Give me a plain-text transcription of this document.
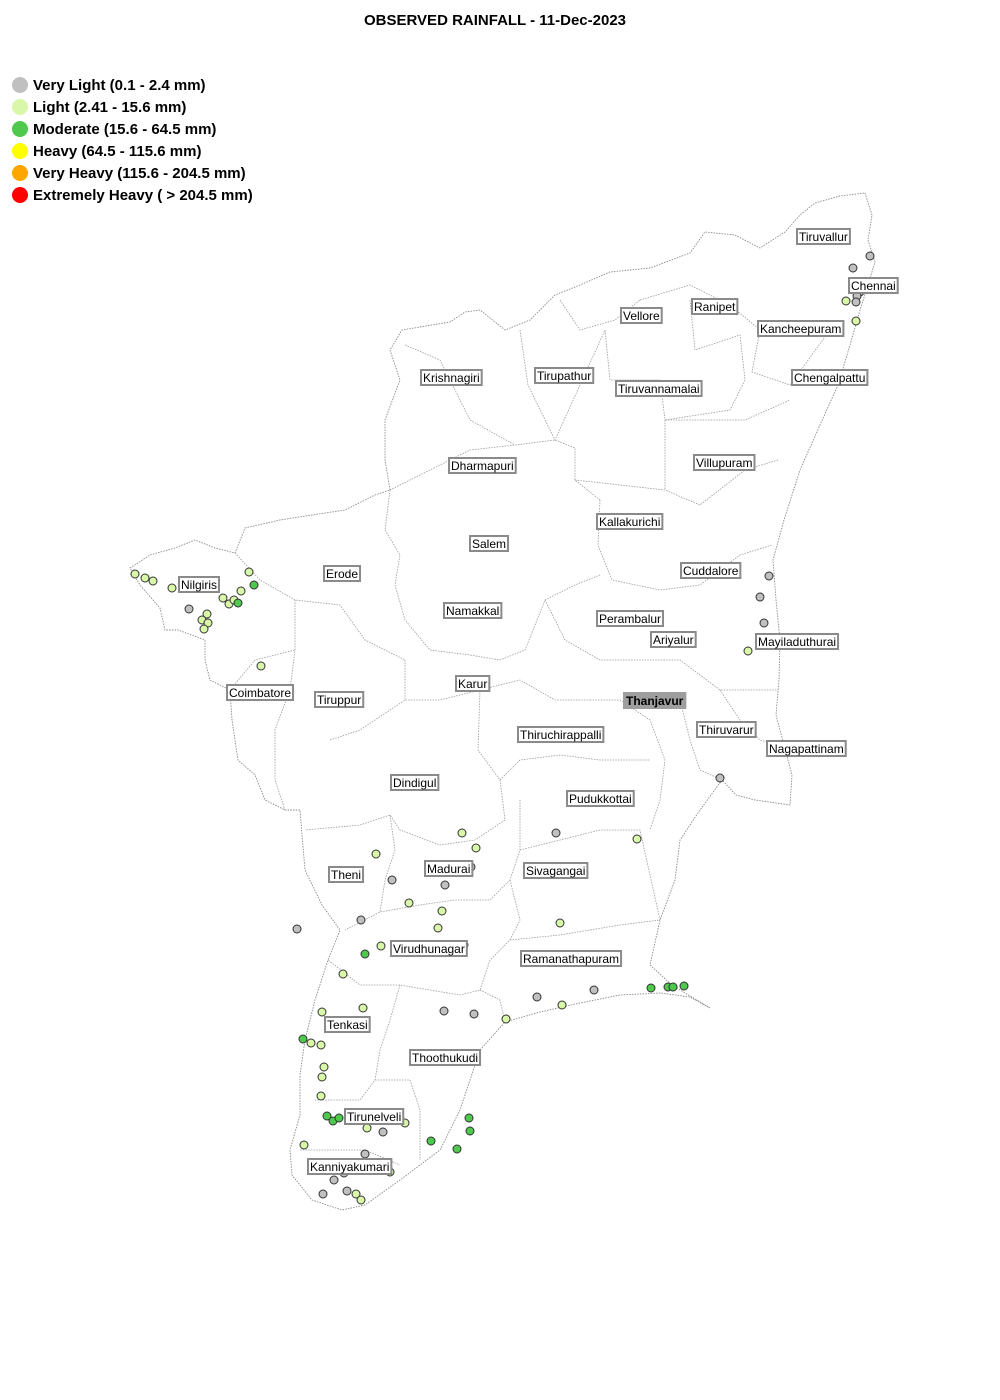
Tiruvallur
Chennai
Ranipet
Vellore
Kancheepuram
Krishnagiri	Tirupathur
Tiruvannamalai
Chengalpattu
Dharmapuri	Villupuram
Kallakurichi
Salem
Erode
Nilgiris
Cuddalore
Namakkal
Perambalur
Ariyalur	Mayiladuthurai
Karur
Coimbatore Tiruppur	Thanjavur
Thiruvarur
Thiruchirappalli
Nagapattinam
Dindigul
Pudukkottai
Theni	Madurai	Sivagangai
Virudhunagar
Ramanathapuram
Tenkasi
Thoothukudi
Tirunelveli
Kanniyakumari
OBSERVED RAINFALL - 11-Dec-2023
Very Light (0.1 - 2.4 mm)
Light (2.41 - 15.6 mm)
Moderate (15.6 - 64.5 mm)
Heavy (64.5 - 115.6 mm)
Very Heavy (115.6 - 204.5 mm)
Extremely Heavy ( > 204.5 mm)
